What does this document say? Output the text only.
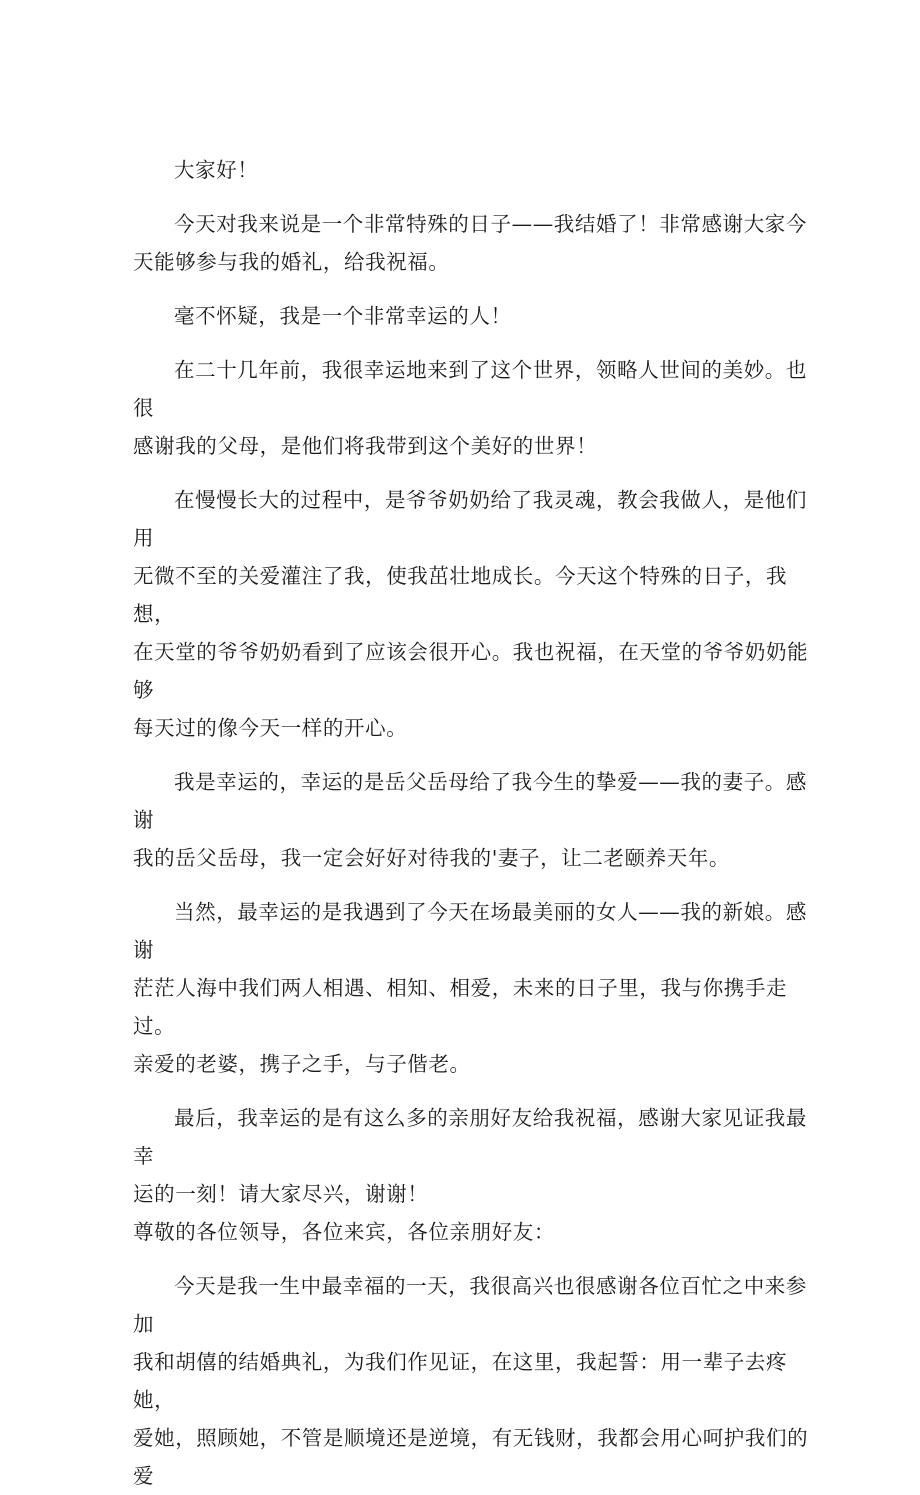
大家好！

今天对我来说是一个非常特殊的日子——我结婚了！非常感谢大家今
天能够参与我的婚礼，给我祝福。

毫不怀疑，我是一个非常幸运的人！

在二十几年前，我很幸运地来到了这个世界，领略人世间的美妙。也很
感谢我的父母，是他们将我带到这个美好的世界！

在慢慢长大的过程中，是爷爷奶奶给了我灵魂，教会我做人，是他们用
无微不至的关爱灌注了我，使我茁壮地成长。今天这个特殊的日子，我想，
在天堂的爷爷奶奶看到了应该会很开心。我也祝福，在天堂的爷爷奶奶能够
每天过的像今天一样的开心。

我是幸运的，幸运的是岳父岳母给了我今生的挚爱——我的妻子。感谢
我的岳父岳母，我一定会好好对待我的'妻子，让二老颐养天年。

当然，最幸运的是我遇到了今天在场最美丽的女人——我的新娘。感谢
茫茫人海中我们两人相遇、相知、相爱，未来的日子里，我与你携手走过。
亲爱的老婆，携子之手，与子偕老。

最后，我幸运的是有这么多的亲朋好友给我祝福，感谢大家见证我最幸
运的一刻！请大家尽兴，谢谢！

尊敬的各位领导，各位来宾，各位亲朋好友：

今天是我一生中最幸福的一天，我很高兴也很感谢各位百忙之中来参加
我和胡僖的结婚典礼，为我们作见证，在这里，我起誓：用一辈子去疼她，
爱她，照顾她，不管是顺境还是逆境，有无钱财，我都会用心呵护我们的爱
